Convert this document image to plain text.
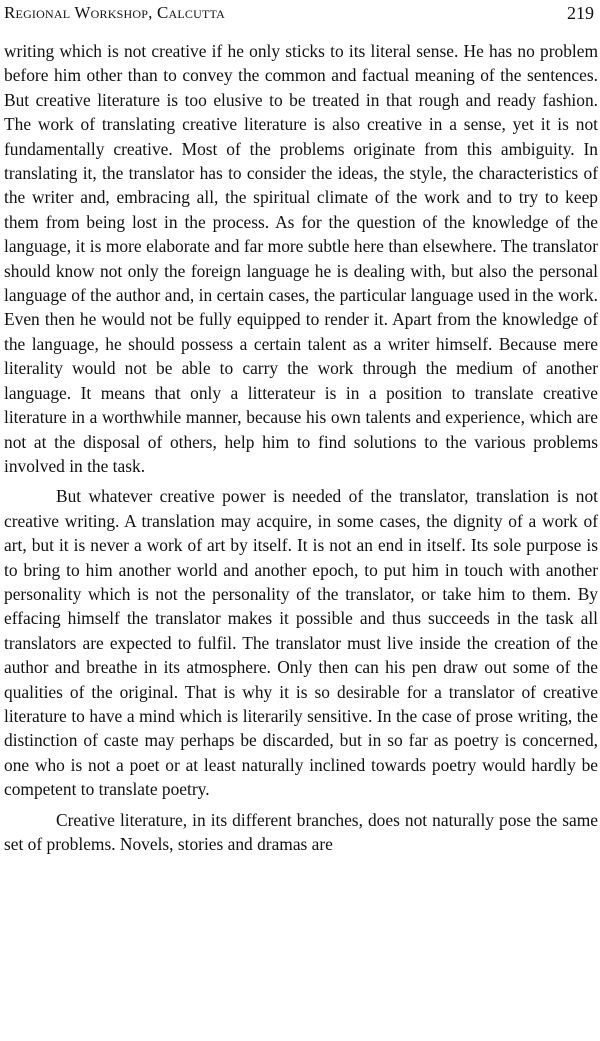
Regional Workshop, Calcutta	219

writing which is not creative if he only sticks to its literal sense. He has no problem before him other than to convey the common and factual meaning of the sentences. But creative literature is too elusive to be treated in that rough and ready fashion. The work of translating creative literature is also creative in a sense, yet it is not fundamentally creative. Most of the problems originate from this ambiguity. In translating it, the translator has to consider the ideas, the style, the characteristics of the writer and, embracing all, the spiritual climate of the work and to try to keep them from being lost in the process. As for the question of the knowledge of the language, it is more elaborate and far more subtle here than elsewhere. The translator should know not only the foreign language he is dealing with, but also the personal language of the author and, in certain cases, the particular language used in the work. Even then he would not be fully equipped to render it. Apart from the knowledge of the language, he should possess a certain talent as a writer himself. Because mere literality would not be able to carry the work through the medium of another language. It means that only a litterateur is in a position to translate creative literature in a worthwhile manner, because his own talents and experience, which are not at the disposal of others, help him to find solutions to the various problems involved in the task.

But whatever creative power is needed of the translator, translation is not creative writing. A translation may acquire, in some cases, the dignity of a work of art, but it is never a work of art by itself. It is not an end in itself. Its sole purpose is to bring to him another world and another epoch, to put him in touch with another personality which is not the personality of the translator, or take him to them. By effacing himself the translator makes it possible and thus succeeds in the task all translators are expected to fulfil. The translator must live inside the creation of the author and breathe in its atmosphere. Only then can his pen draw out some of the qualities of the original. That is why it is so desirable for a translator of creative literature to have a mind which is literarily sensitive. In the case of prose writing, the distinction of caste may perhaps be discarded, but in so far as poetry is concerned, one who is not a poet or at least naturally inclined towards poetry would hardly be competent to translate poetry.

Creative literature, in its different branches, does not naturally pose the same set of problems. Novels, stories and dramas are
